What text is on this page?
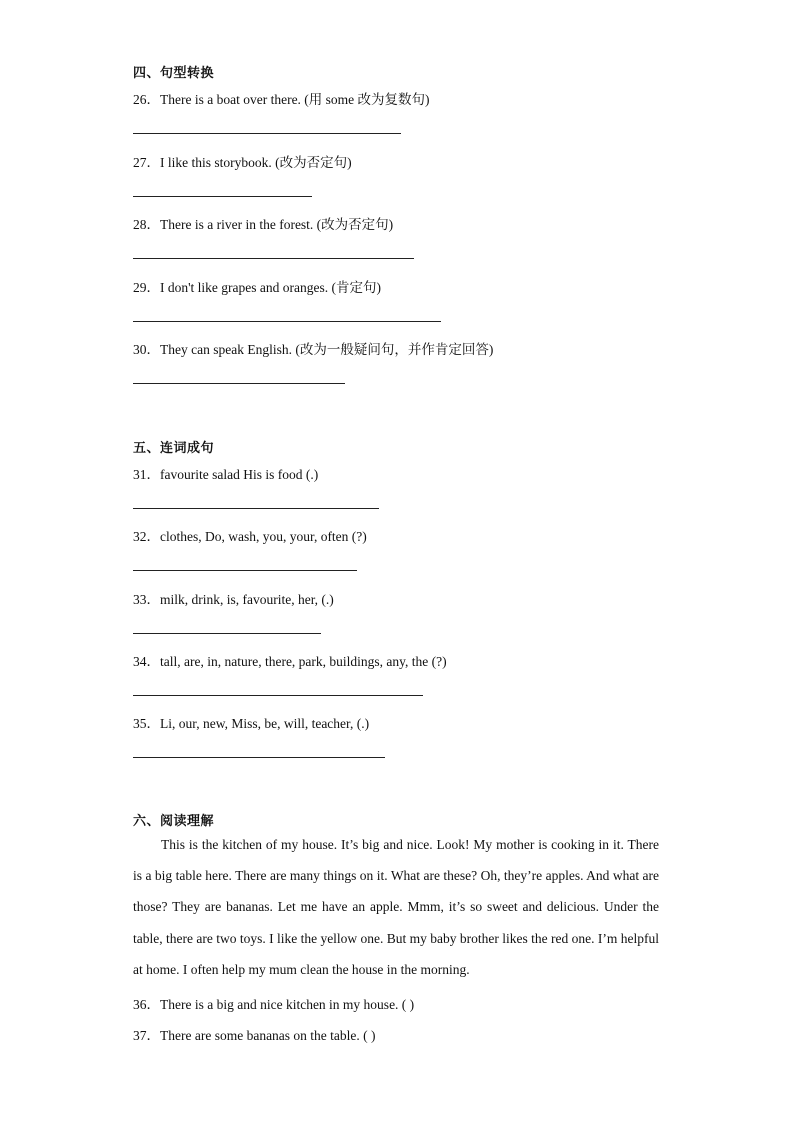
四、句型转换
26．There is a boat over there. (用 some 改为复数句)
27．I like this storybook. (改为否定句)
28．There is a river in the forest. (改为否定句)
29．I don't like grapes and oranges. (肯定句)
30．They can speak English. (改为一般疑问句，并作肯定回答)
五、连词成句
31．favourite salad His is food (.)
32．clothes, Do, wash, you, your, often (?)
33．milk, drink, is, favourite, her, (.)
34．tall, are, in, nature, there, park, buildings, any, the (?)
35．Li, our, new, Miss, be, will, teacher, (.)
六、阅读理解

This is the kitchen of my house. It’s big and nice. Look! My mother is cooking in it. There is a big table here. There are many things on it. What are these? Oh, they’re apples. And what are those? They are bananas. Let me have an apple. Mmm, it’s so sweet and delicious. Under the table, there are two toys. I like the yellow one. But my baby brother likes the red one. I’m helpful at home. I often help my mum clean the house in the morning.

36．There is a big and nice kitchen in my house. ( )
37．There are some bananas on the table. ( )
